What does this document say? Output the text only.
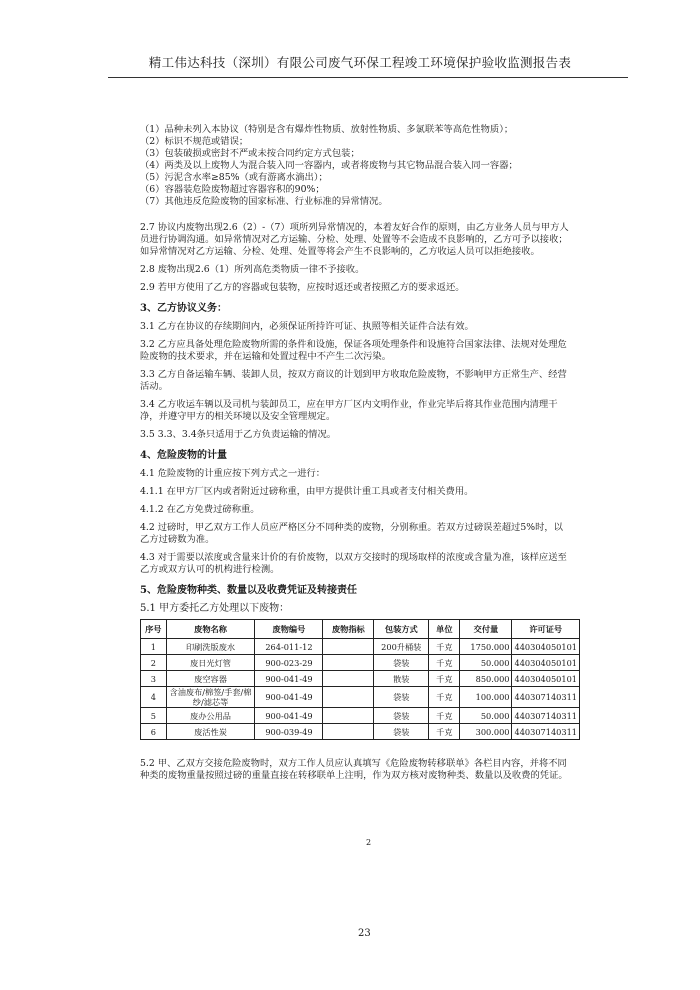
精工伟达科技（深圳）有限公司废气环保工程竣工环境保护验收监测报告表
（1）品种未列入本协议（特别是含有爆炸性物质、放射性物质、多氯联苯等高危性物质）；
（2）标识不规范或错误；
（3）包装破损或密封不严或未按合同约定方式包装；
（4）两类及以上废物人为混合装入同一容器内，或者将废物与其它物品混合装入同一容器；
（5）污泥含水率≥85%（或有游离水滴出）；
（6）容器装危险废物超过容器容积的90%；
（7）其他违反危险废物的国家标准、行业标准的异常情况。
2.7 协议内废物出现2.6（2）-（7）项所列异常情况的，本着友好合作的原则，由乙方业务人员与甲方人员进行协调沟通。如异常情况对乙方运输、分检、处理、处置等不会造成不良影响的，乙方可予以接收；如异常情况对乙方运输、分检、处理、处置等将会产生不良影响的，乙方收运人员可以拒绝接收。
2.8 废物出现2.6（1）所列高危类物质一律不予接收。
2.9 若甲方使用了乙方的容器或包装物，应按时返还或者按照乙方的要求返还。
3、乙方协议义务：
3.1 乙方在协议的存续期间内，必须保证所持许可证、执照等相关证件合法有效。
3.2 乙方应具备处理危险废物所需的条件和设施，保证各项处理条件和设施符合国家法律、法规对处理危险废物的技术要求，并在运输和处置过程中不产生二次污染。
3.3 乙方自备运输车辆、装卸人员，按双方商议的计划到甲方收取危险废物，不影响甲方正常生产、经营活动。
3.4 乙方收运车辆以及司机与装卸员工，应在甲方厂区内文明作业，作业完毕后将其作业范围内清理干净，并遵守甲方的相关环境以及安全管理规定。
3.5 3.3、3.4条只适用于乙方负责运输的情况。
4、危险废物的计量
4.1 危险废物的计重应按下列方式之一进行：
4.1.1 在甲方厂区内或者附近过磅称重，由甲方提供计重工具或者支付相关费用。
4.1.2 在乙方免费过磅称重。
4.2 过磅时，甲乙双方工作人员应严格区分不同种类的废物，分别称重。若双方过磅误差超过5%时，以乙方过磅数为准。
4.3 对于需要以浓度或含量来计价的有价废物，以双方交接时的现场取样的浓度或含量为准，该样应送至乙方或双方认可的机构进行检测。
5、危险废物种类、数量以及收费凭证及转接责任
5.1 甲方委托乙方处理以下废物：
序号	废物名称	废物编号	废物指标	包装方式	单位	交付量	许可证号
1	印刷洗版废水	264-011-12		200升桶装	千克	1750.000	440304050101
2	废日光灯管	900-023-29		袋装	千克	50.000	440304050101
3	废空容器	900-041-49		散装	千克	850.000	440304050101
4	含油废布/棉签/手套/棉纱/滤芯等	900-041-49		袋装	千克	100.000	440307140311
5	废办公用品	900-041-49		袋装	千克	50.000	440307140311
6	废活性炭	900-039-49		袋装	千克	300.000	440307140311
5.2 甲、乙双方交接危险废物时，双方工作人员应认真填写《危险废物转移联单》各栏目内容，并将不同种类的废物重量按照过磅的重量直接在转移联单上注明，作为双方核对废物种类、数量以及收费的凭证。
2
23
